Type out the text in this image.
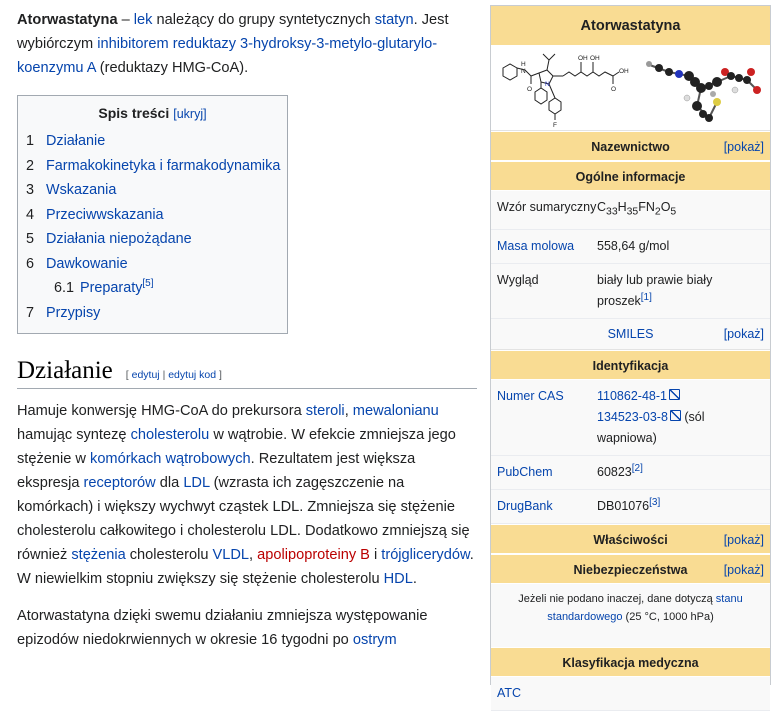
Atorwastatyna – lek należący do grupy syntetycznych statyn. Jest wybiórczym inhibitorem reduktazy 3-hydroksy-3-metylo-glutarylo-koenzymu A (reduktazy HMG-CoA).

Spis treści [ukryj]
1 Działanie
2 Farmakokinetyka i farmakodynamika
3 Wskazania
4 Przeciwwskazania
5 Działania niepożądane
6 Dawkowanie
6.1 Preparaty[5]
7 Przypisy
Działanie [ edytuj | edytuj kod ]

Hamuje konwersję HMG-CoA do prekursora steroli, mewalonianu hamując syntezę cholesterolu w wątrobie. W efekcie zmniejsza jego stężenie w komórkach wątrobowych. Rezultatem jest większa ekspresja receptorów dla LDL (wzrasta ich zagęszczenie na komórkach) i większy wychwyt cząstek LDL. Zmniejsza się stężenie cholesterolu całkowitego i cholesterolu LDL. Dodatkowo zmniejszą się również stężenia cholesterolu VLDL, apolipoproteiny B i trójglicerydów. W niewielkim stopniu zwiększy się stężenie cholesterolu HDL.

Atorwastatyna dzięki swemu działaniu zmniejsza występowanie epizodów niedokrwiennych w okresie 16 tygodni po ostrym

Atorwastatyna
H
N
O
N
OH OH
OH
O
F
Nazewnictwo	[pokaż]
Ogólne informacje
Wzór sumaryczny $C_{33}H_{35}FN_2O_5$
Masa molowa	558,64 g/mol
Wygląd	biały lub prawie biały proszek[1]
SMILES	[pokaż]
Identyfikacja
Numer CAS	110862-48-1
134523-03-8 (sól wapniowa)
PubChem	60823[2]
DrugBank	DB01076[3]
Właściwości	[pokaż]
Niebezpieczeństwa	[pokaż]
Jeżeli nie podano inaczej, dane dotyczą stanu standardowego (25 °C, 1000 hPa)
Klasyfikacja medyczna
ATC
